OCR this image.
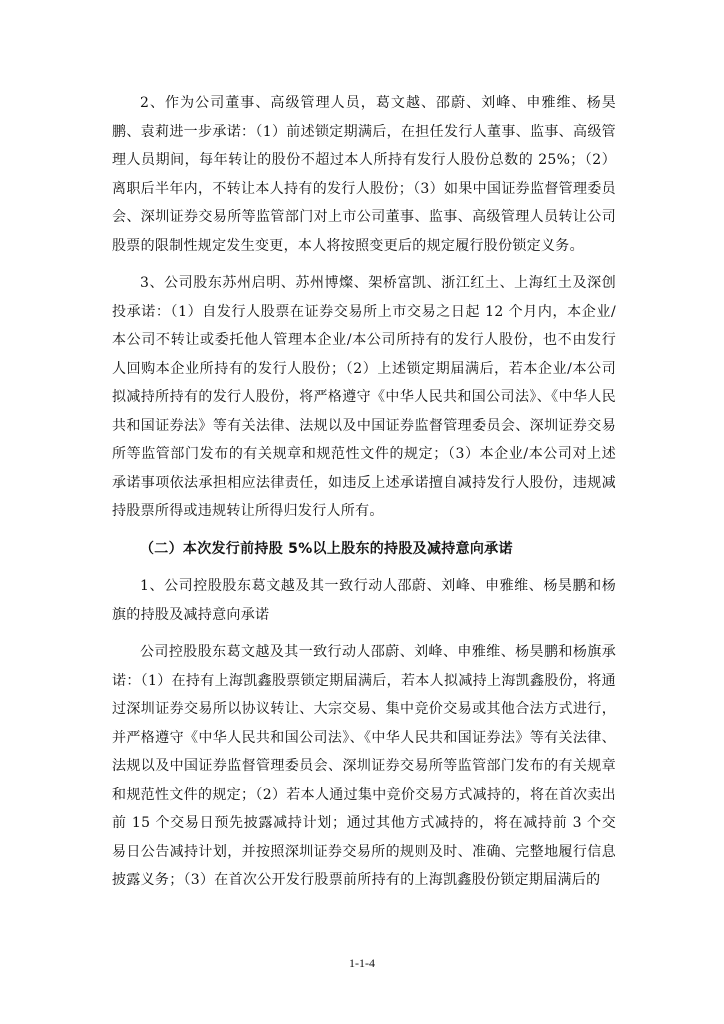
2、作为公司董事、高级管理人员，葛文越、邵蔚、刘峰、申雅维、杨昊鹏、袁莉进一步承诺：（1）前述锁定期满后，在担任发行人董事、监事、高级管理人员期间，每年转让的股份不超过本人所持有发行人股份总数的 25%；（2）离职后半年内，不转让本人持有的发行人股份；（3）如果中国证券监督管理委员会、深圳证券交易所等监管部门对上市公司董事、监事、高级管理人员转让公司股票的限制性规定发生变更，本人将按照变更后的规定履行股份锁定义务。

3、公司股东苏州启明、苏州博燦、架桥富凯、浙江红土、上海红土及深创投承诺：（1）自发行人股票在证券交易所上市交易之日起 12 个月内，本企业/本公司不转让或委托他人管理本企业/本公司所持有的发行人股份，也不由发行人回购本企业所持有的发行人股份；（2）上述锁定期届满后，若本企业/本公司拟减持所持有的发行人股份，将严格遵守《中华人民共和国公司法》、《中华人民共和国证券法》等有关法律、法规以及中国证券监督管理委员会、深圳证券交易所等监管部门发布的有关规章和规范性文件的规定；（3）本企业/本公司对上述承诺事项依法承担相应法律责任，如违反上述承诺擅自减持发行人股份，违规减持股票所得或违规转让所得归发行人所有。

（二）本次发行前持股 5%以上股东的持股及减持意向承诺

1、公司控股股东葛文越及其一致行动人邵蔚、刘峰、申雅维、杨昊鹏和杨旗的持股及减持意向承诺

公司控股股东葛文越及其一致行动人邵蔚、刘峰、申雅维、杨昊鹏和杨旗承诺：（1）在持有上海凯鑫股票锁定期届满后，若本人拟减持上海凯鑫股份，将通过深圳证券交易所以协议转让、大宗交易、集中竞价交易或其他合法方式进行，并严格遵守《中华人民共和国公司法》、《中华人民共和国证券法》等有关法律、法规以及中国证券监督管理委员会、深圳证券交易所等监管部门发布的有关规章和规范性文件的规定；（2）若本人通过集中竞价交易方式减持的，将在首次卖出前 15 个交易日预先披露减持计划；通过其他方式减持的，将在减持前 3 个交易日公告减持计划，并按照深圳证券交易所的规则及时、准确、完整地履行信息披露义务；（3）在首次公开发行股票前所持有的上海凯鑫股份锁定期届满后的

1-1-4
